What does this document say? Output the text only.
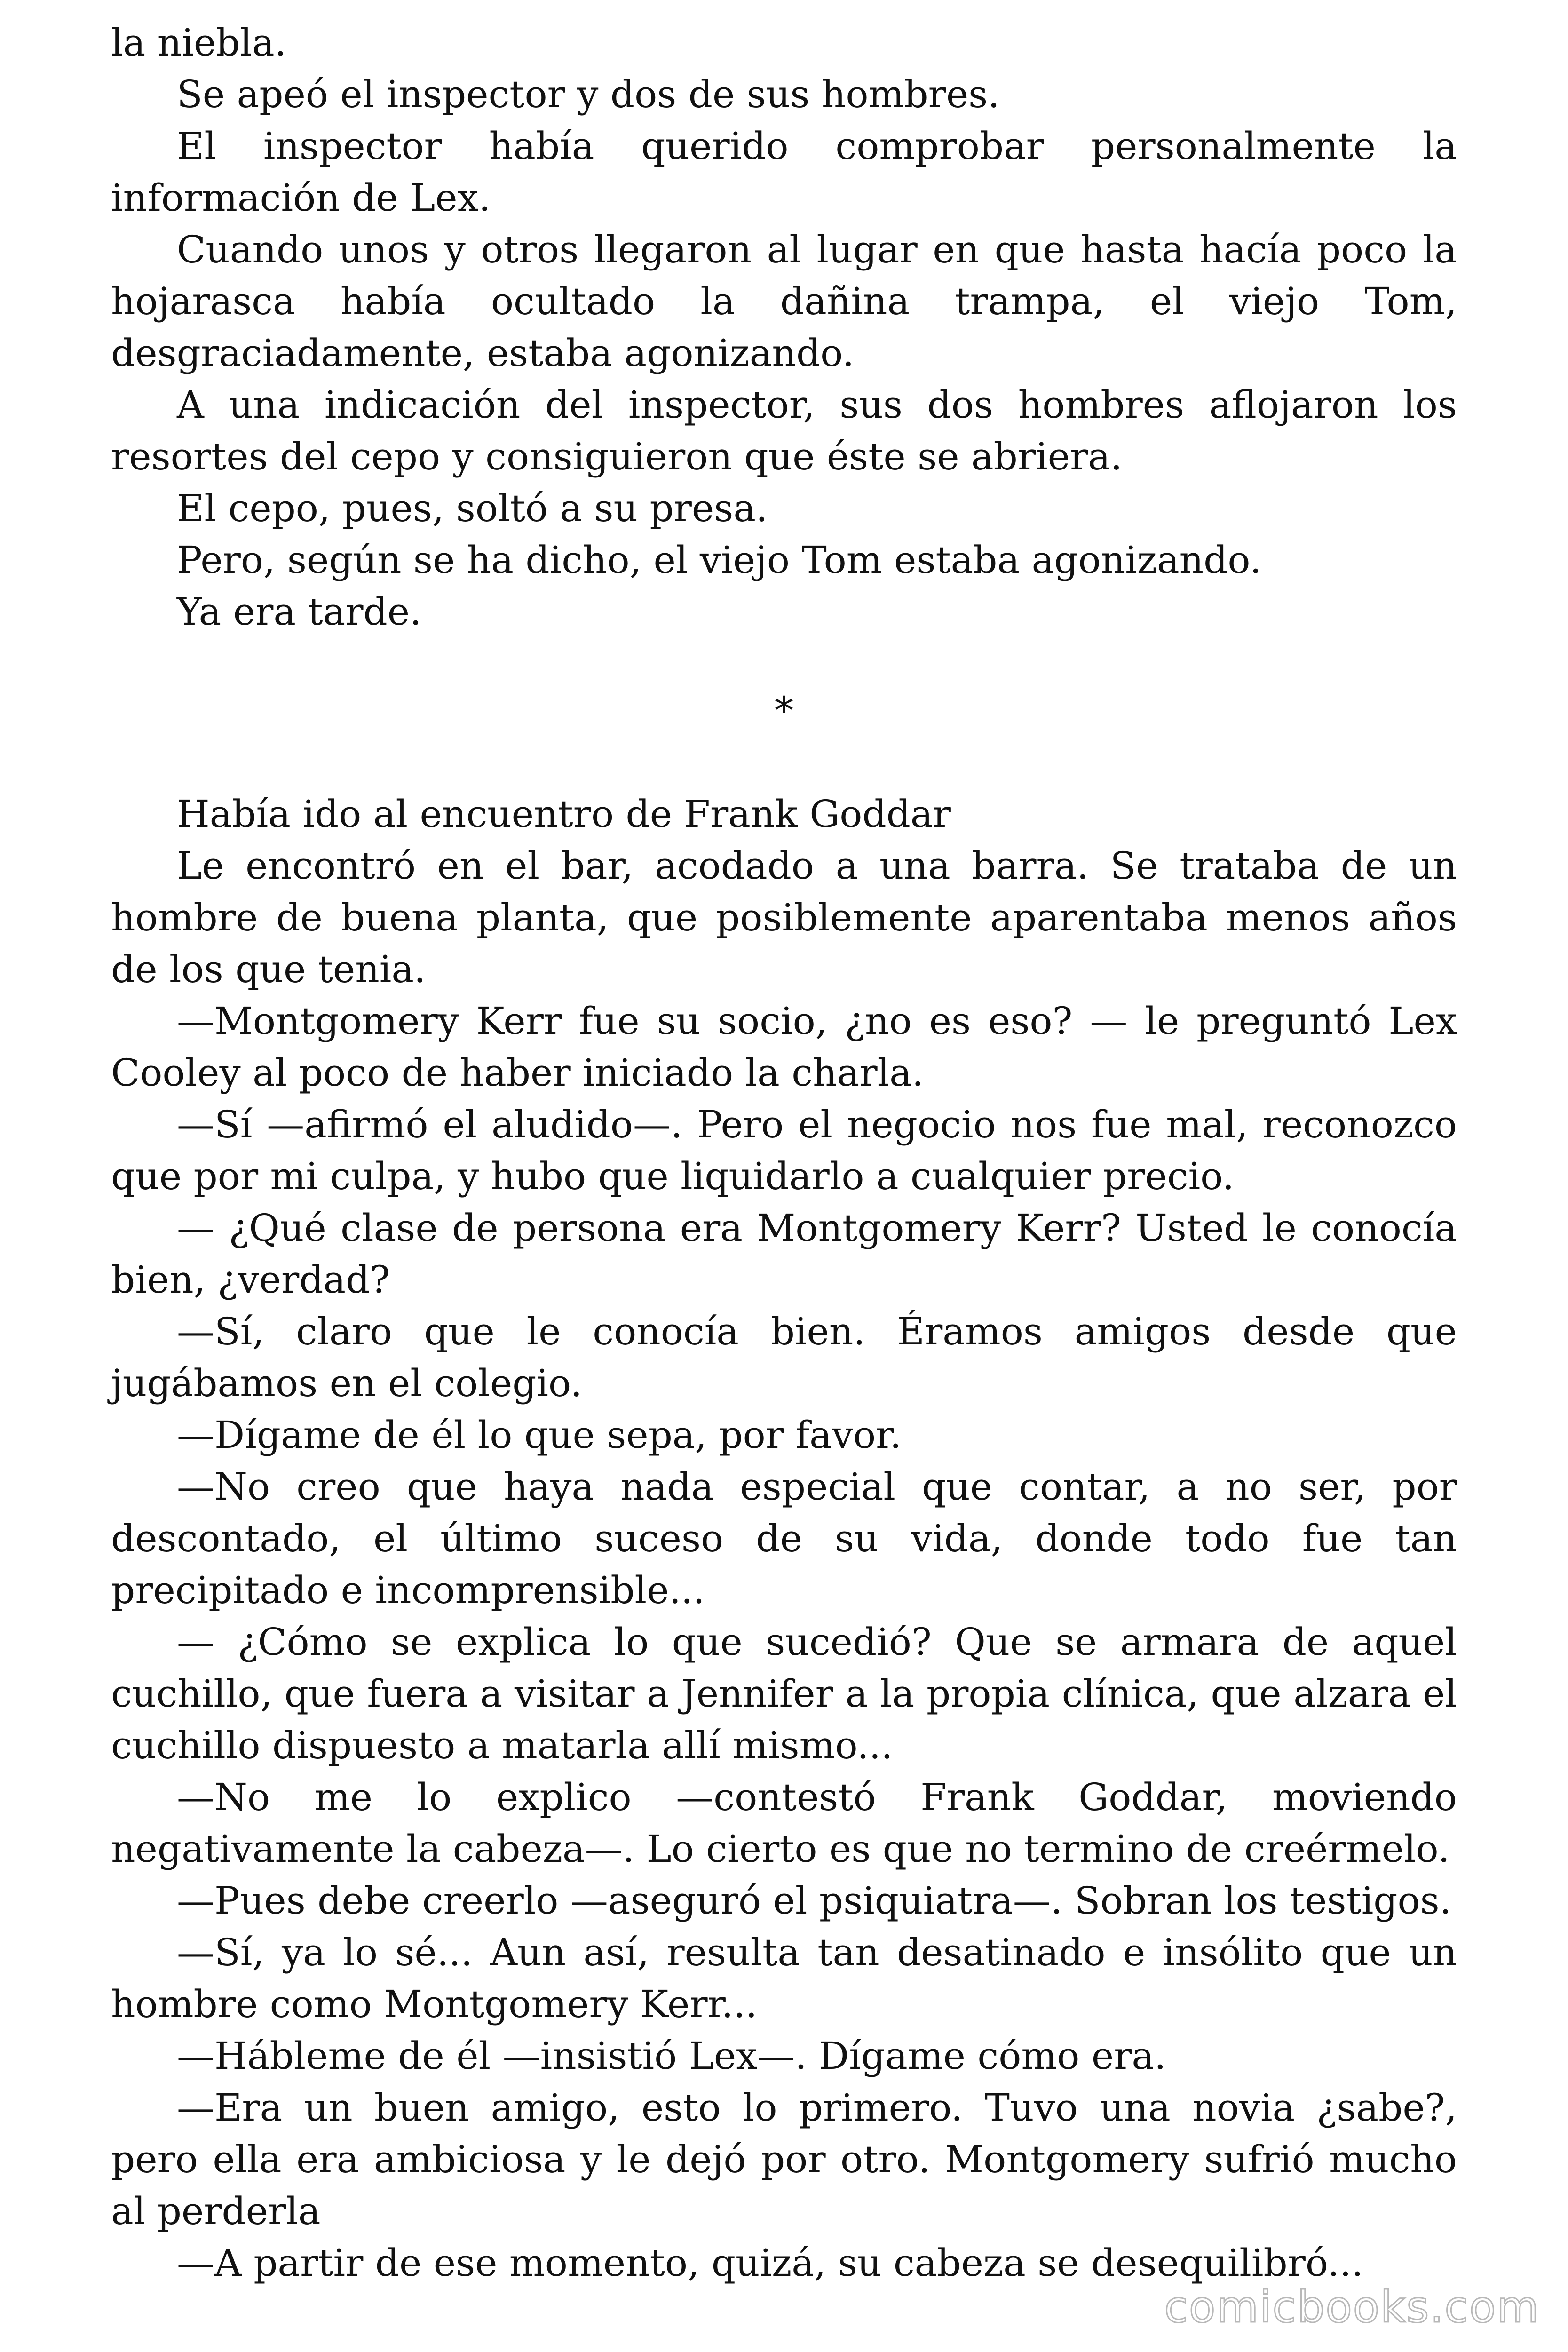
la niebla.

Se apeó el inspector y dos de sus hombres.

El inspector había querido comprobar personalmente la información de Lex.

Cuando unos y otros llegaron al lugar en que hasta hacía poco la hojarasca había ocultado la dañina trampa, el viejo Tom, desgraciadamente, estaba agonizando.

A una indicación del inspector, sus dos hombres aflojaron los resortes del cepo y consiguieron que éste se abriera.

El cepo, pues, soltó a su presa.

Pero, según se ha dicho, el viejo Tom estaba agonizando.

Ya era tarde.

*

Había ido al encuentro de Frank Goddar

Le encontró en el bar, acodado a una barra. Se trataba de un hombre de buena planta, que posiblemente aparentaba menos años de los que tenia.

—Montgomery Kerr fue su socio, ¿no es eso? — le preguntó Lex Cooley al poco de haber iniciado la charla.

—Sí —afirmó el aludido—. Pero el negocio nos fue mal, reconozco que por mi culpa, y hubo que liquidarlo a cualquier precio.

— ¿Qué clase de persona era Montgomery Kerr? Usted le conocía bien, ¿verdad?

—Sí, claro que le conocía bien. Éramos amigos desde que jugábamos en el colegio.

—Dígame de él lo que sepa, por favor.

—No creo que haya nada especial que contar, a no ser, por descontado, el último suceso de su vida, donde todo fue tan precipitado e incomprensible...

— ¿Cómo se explica lo que sucedió? Que se armara de aquel cuchillo, que fuera a visitar a Jennifer a la propia clínica, que alzara el cuchillo dispuesto a matarla allí mismo...

—No me lo explico —contestó Frank Goddar, moviendo negativamente la cabeza—. Lo cierto es que no termino de creérmelo.

—Pues debe creerlo —aseguró el psiquiatra—. Sobran los testigos.

—Sí, ya lo sé... Aun así, resulta tan desatinado e insólito que un hombre como Montgomery Kerr...

—Hábleme de él —insistió Lex—. Dígame cómo era.

—Era un buen amigo, esto lo primero. Tuvo una novia ¿sabe?, pero ella era ambiciosa y le dejó por otro. Montgomery sufrió mucho al perderla

—A partir de ese momento, quizá, su cabeza se desequilibró...

comicbooks.com
